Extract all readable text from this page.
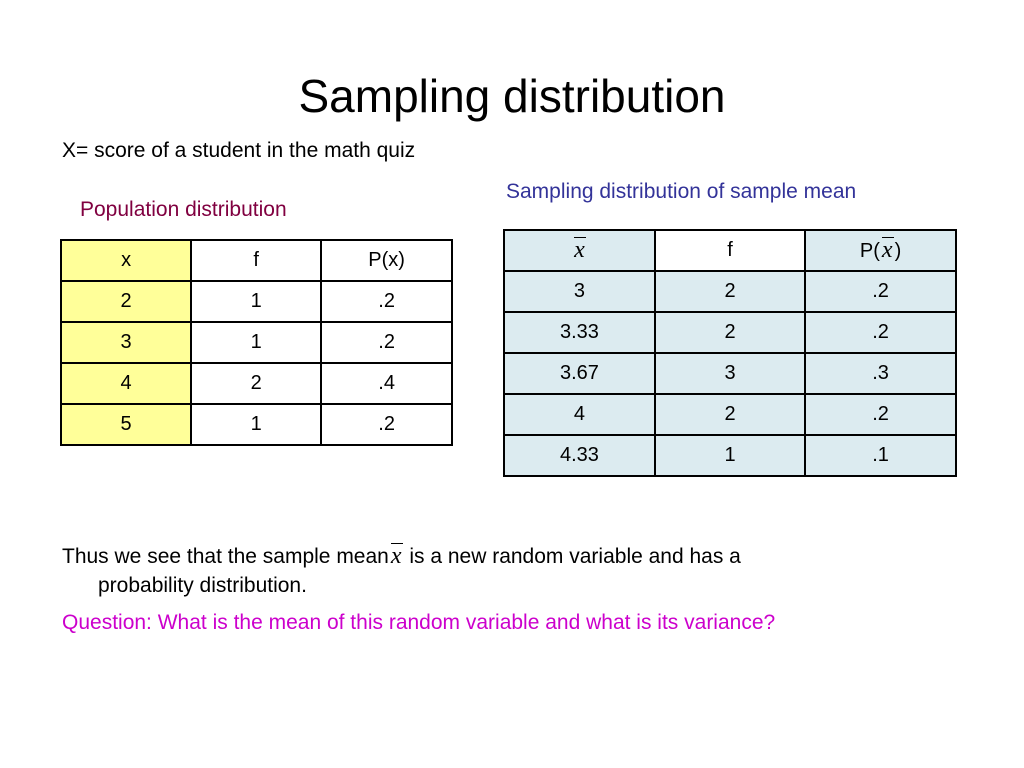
Sampling distribution
X= score of a student in the math quiz
Population distribution
Sampling distribution of sample mean
x	f	P(x)
2	1	.2
3	1	.2
4	2	.4
5	1	.2
x	f	P(x )
3	2	.2
3.33	2	.2
3.67	3	.3
4	2	.2
4.33	1	.1
Thus we see that the sample meanx is a new random variable and has a
probability distribution.
Question: What is the mean of this random variable and what is its variance?
